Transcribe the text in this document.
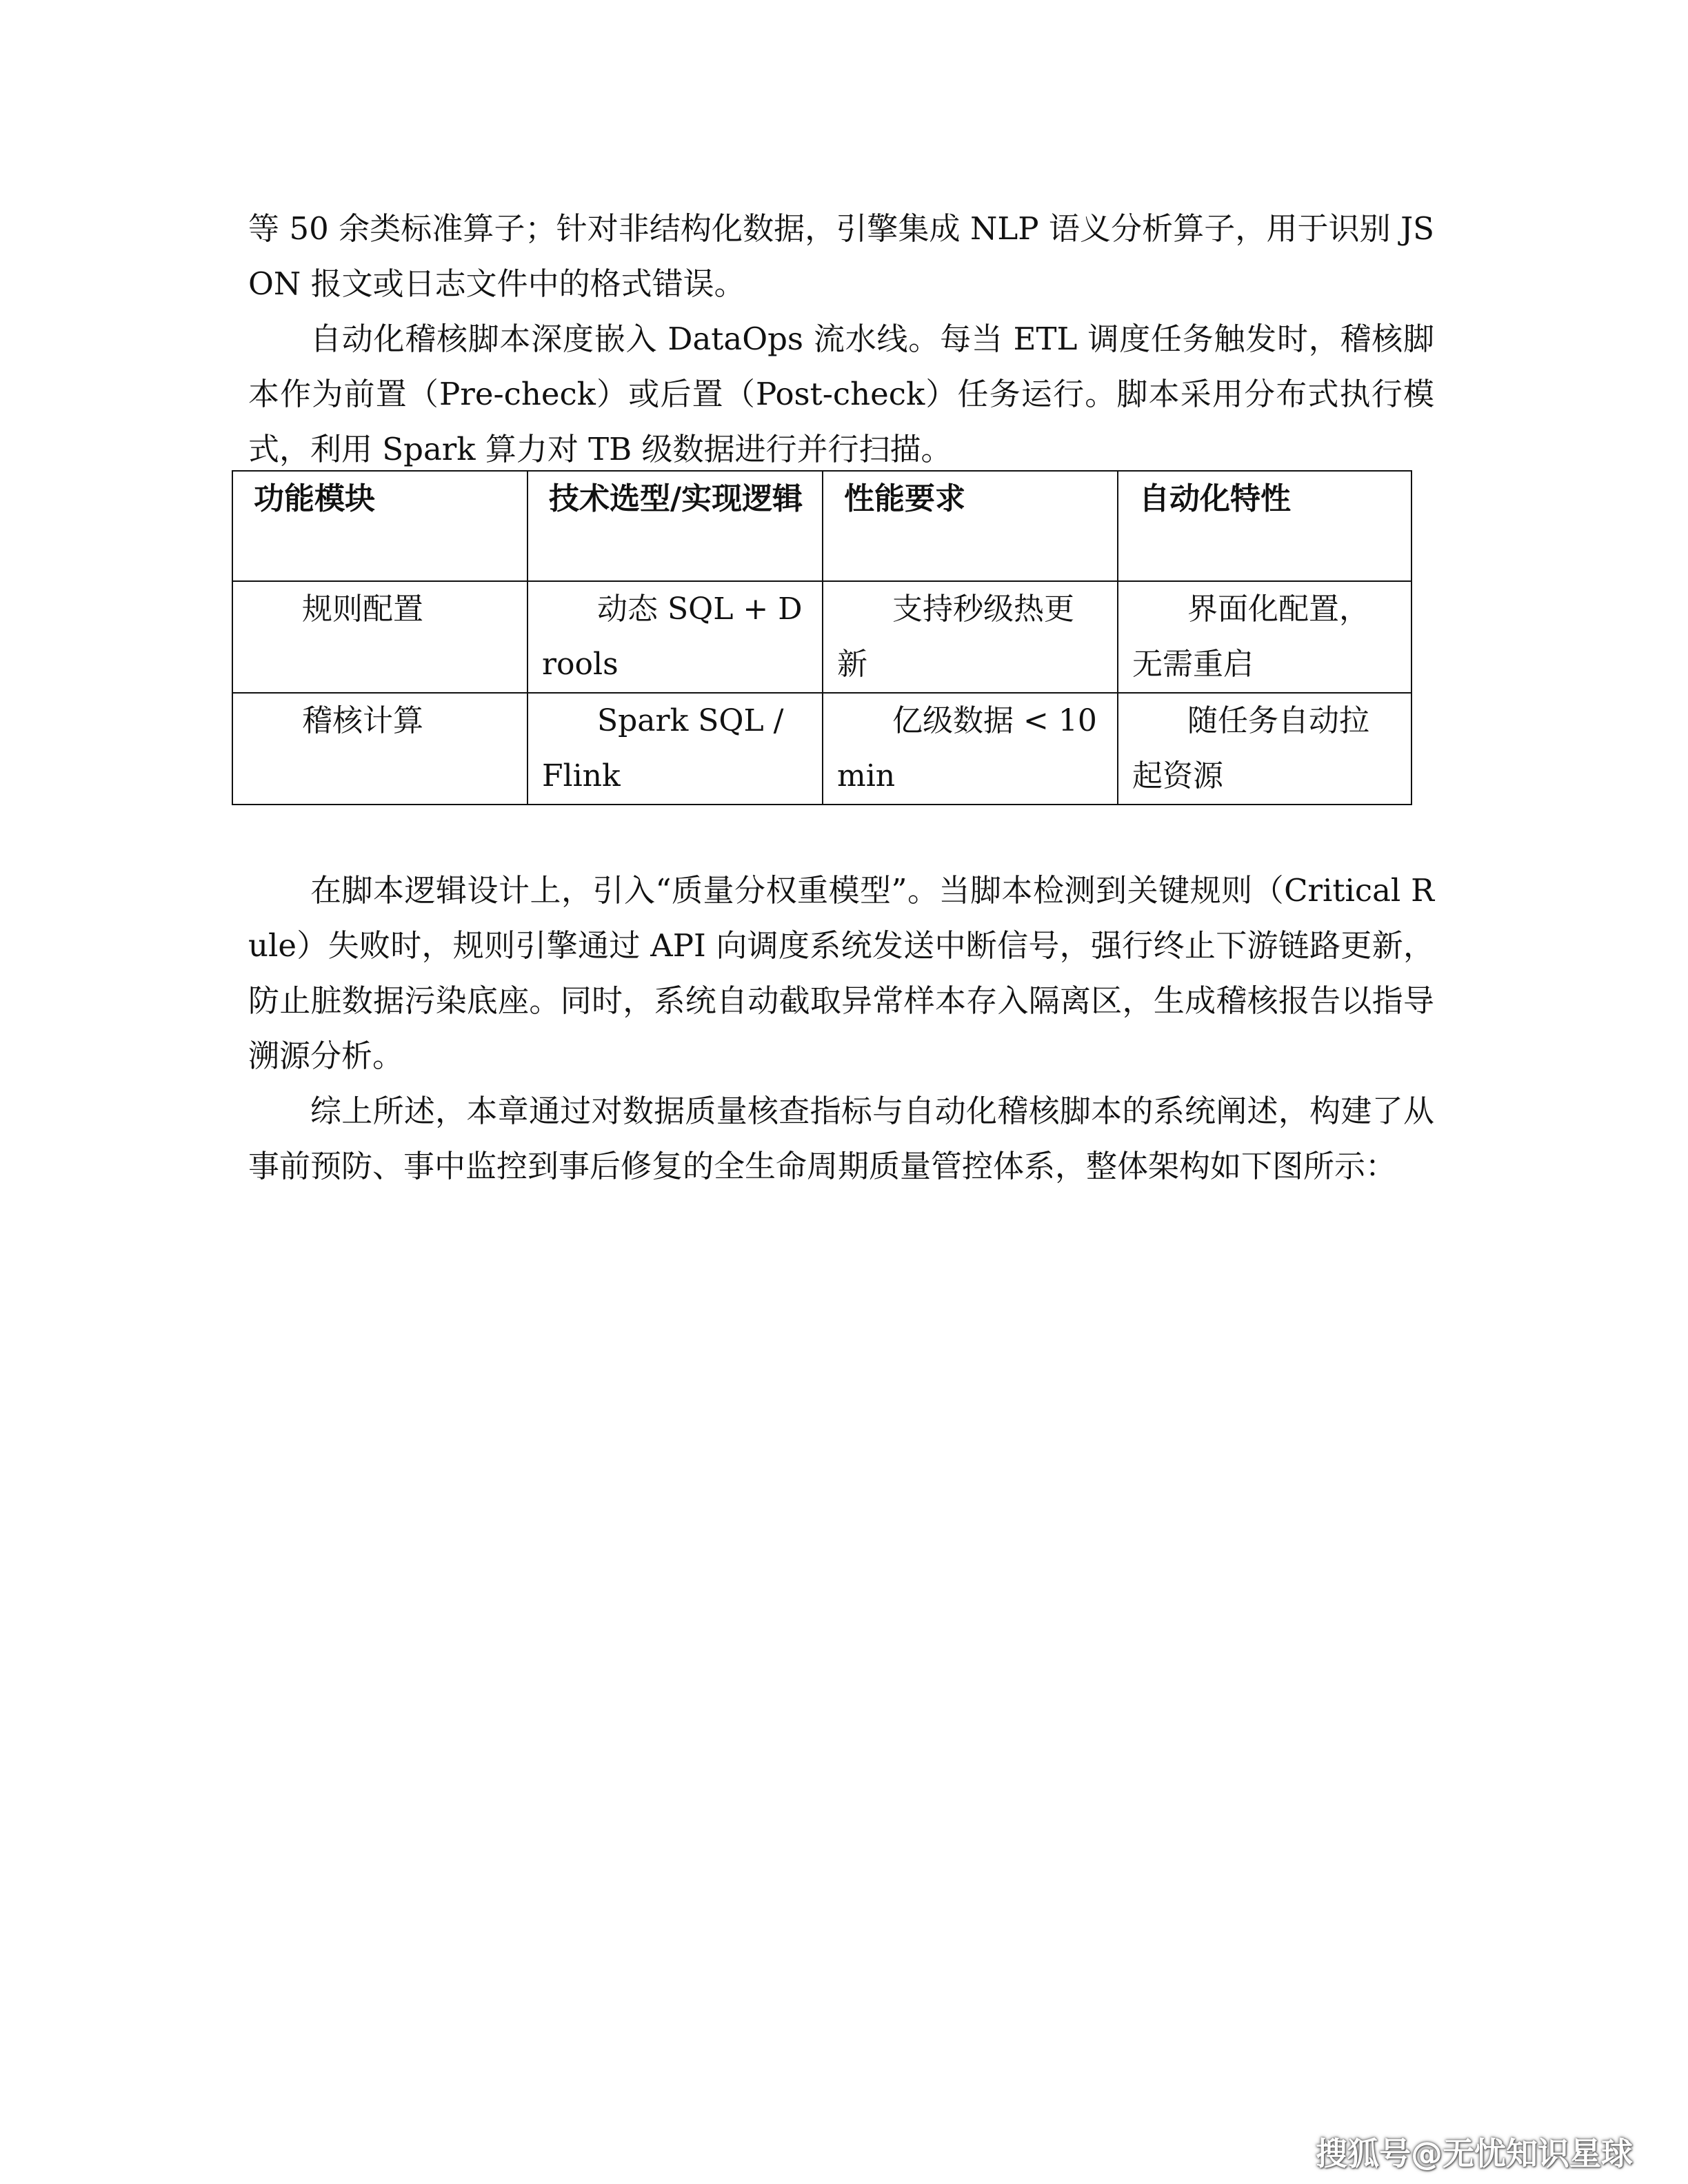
等 50 余类标准算子；针对非结构化数据，引擎集成 NLP 语义分析算子，用于识别 JSON 报文或日志文件中的格式错误。

自动化稽核脚本深度嵌入 DataOps 流水线。每当 ETL 调度任务触发时，稽核脚本作为前置（Pre-check）或后置（Post-check）任务运行。脚本采用分布式执行模式，利用 Spark 算力对 TB 级数据进行并行扫描。

功能模块	技术选型/实现逻辑	性能要求	自动化特性
规则配置	动态 SQL + Drools	支持秒级热更新	界面化配置，无需重启

稽核计算	Spark SQL / Flink	亿级数据 < 10min	随任务自动拉起资源

在脚本逻辑设计上，引入“质量分权重模型”。当脚本检测到关键规则（Critical Rule）失败时，规则引擎通过 API 向调度系统发送中断信号，强行终止下游链路更新，防止脏数据污染底座。同时，系统自动截取异常样本存入隔离区，生成稽核报告以指导溯源分析。

综上所述，本章通过对数据质量核查指标与自动化稽核脚本的系统阐述，构建了从事前预防、事中监控到事后修复的全生命周期质量管控体系，整体架构如下图所示：

搜狐号@无忧知识星球
